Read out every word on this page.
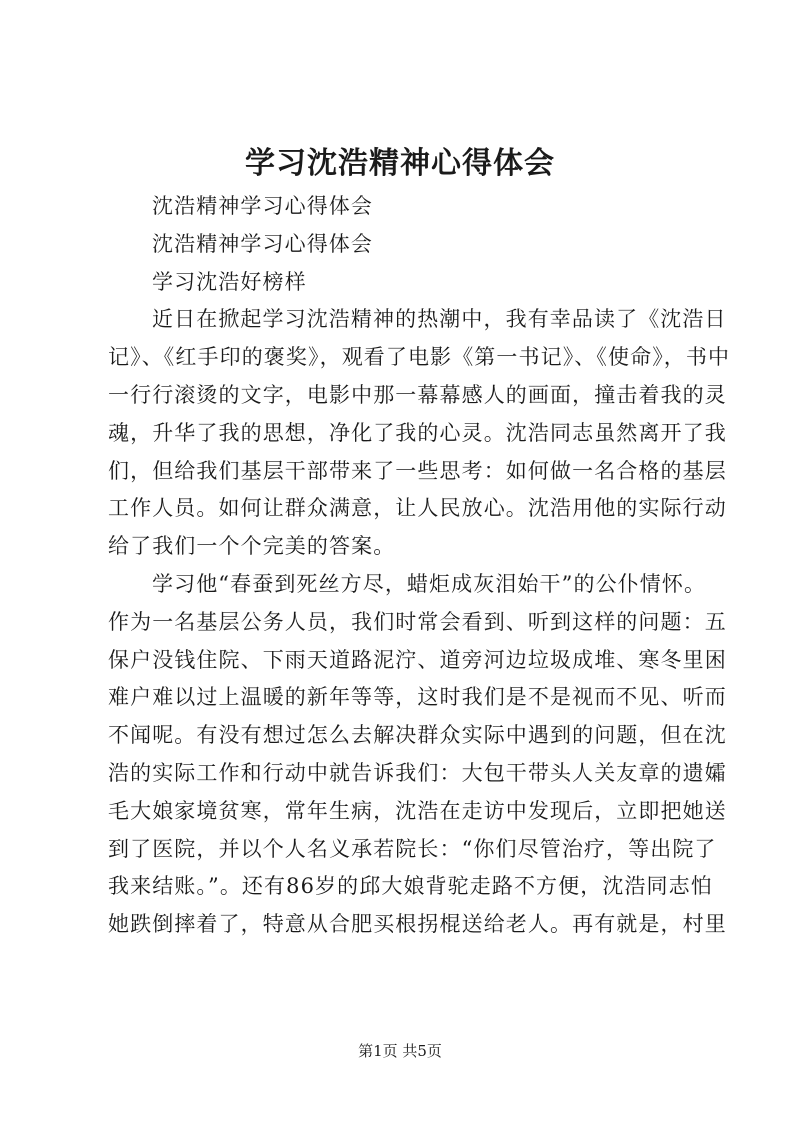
学习沈浩精神心得体会
沈浩精神学习心得体会
沈浩精神学习心得体会
学习沈浩好榜样
近日在掀起学习沈浩精神的热潮中，我有幸品读了《沈浩日
记》、《红手印的褒奖》，观看了电影《第一书记》、《使命》，书中
一行行滚烫的文字，电影中那一幕幕感人的画面，撞击着我的灵
魂，升华了我的思想，净化了我的心灵。沈浩同志虽然离开了我
们，但给我们基层干部带来了一些思考：如何做一名合格的基层
工作人员。如何让群众满意，让人民放心。沈浩用他的实际行动
给了我们一个个完美的答案。
学习他“春蚕到死丝方尽，蜡炬成灰泪始干”的公仆情怀。
作为一名基层公务人员，我们时常会看到、听到这样的问题：五
保户没钱住院、下雨天道路泥泞、道旁河边垃圾成堆、寒冬里困
难户难以过上温暖的新年等等，这时我们是不是视而不见、听而
不闻呢。有没有想过怎么去解决群众实际中遇到的问题，但在沈
浩的实际工作和行动中就告诉我们：大包干带头人关友章的遗孀
毛大娘家境贫寒，常年生病，沈浩在走访中发现后，立即把她送
到了医院，并以个人名义承若院长：“你们尽管治疗，等出院了
我来结账。”。还有86岁的邱大娘背驼走路不方便，沈浩同志怕
她跌倒摔着了，特意从合肥买根拐棍送给老人。再有就是，村里
第1页 共5页
